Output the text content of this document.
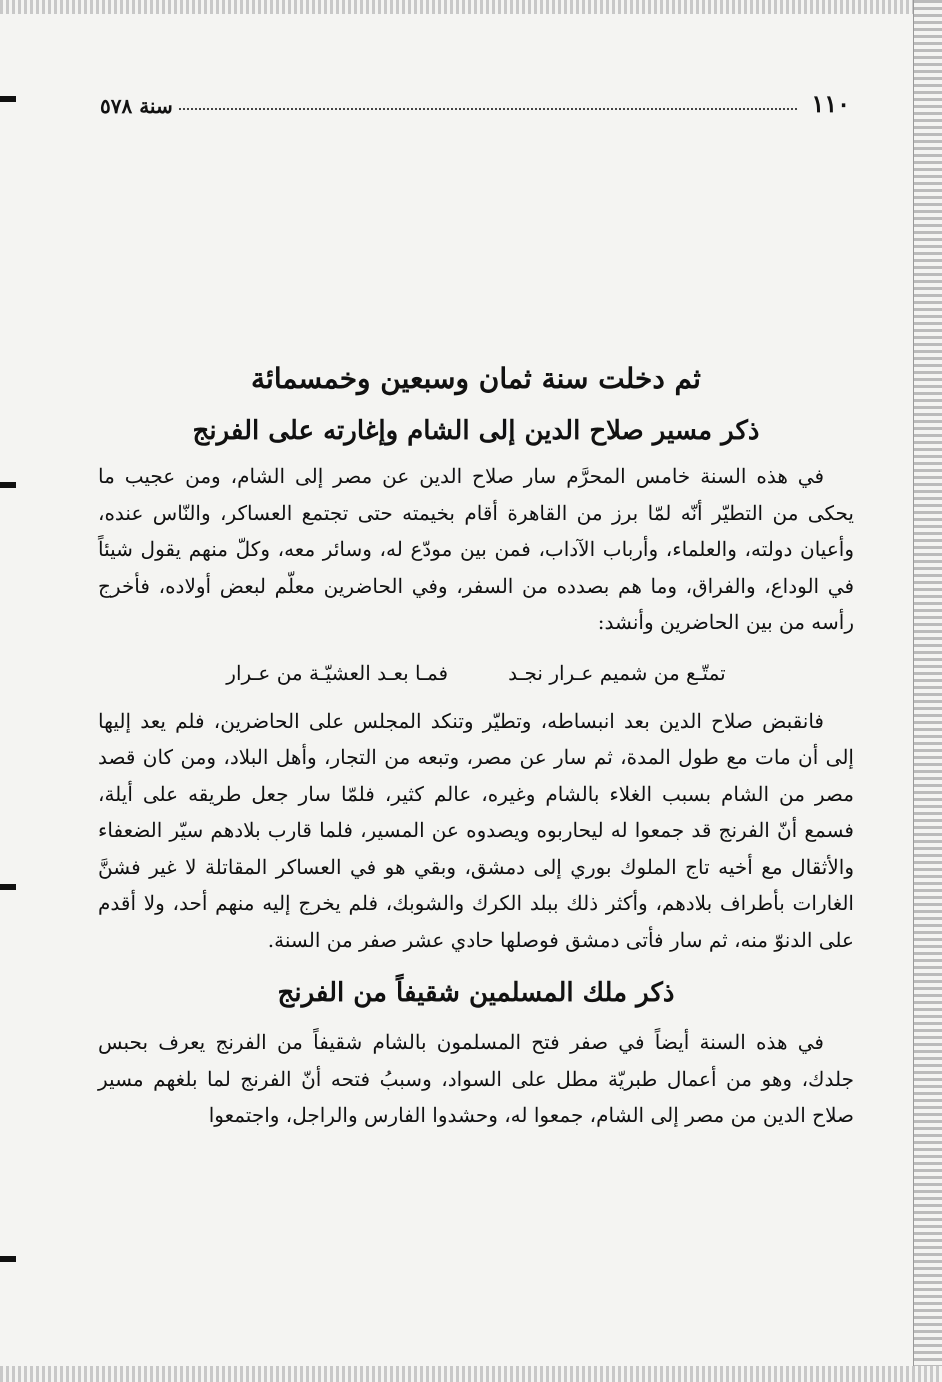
١١٠
سنة ٥٧٨
ثم دخلت سنة ثمان وسبعين وخمسمائة
ذكر مسير صلاح الدين إلى الشام وإغارته على الفرنج

في هذه السنة خامس المحرَّم سار صلاح الدين عن مصر إلى الشام، ومن عجيب ما يحكى من التطيّر أنّه لمّا برز من القاهرة أقام بخيمته حتى تجتمع العساكر، والنّاس عنده، وأعيان دولته، والعلماء، وأرباب الآداب، فمن بين مودّع له، وسائر معه، وكلّ منهم يقول شيئاً في الوداع، والفراق، وما هم بصدده من السفر، وفي الحاضرين معلّم لبعض أولاده، فأخرج رأسه من بين الحاضرين وأنشد:

تمتّـع من شميم عـرار نجـد
فمـا بعـد العشيّـة من عـرار

فانقبض صلاح الدين بعد انبساطه، وتطيّر وتنكد المجلس على الحاضرين، فلم يعد إليها إلى أن مات مع طول المدة، ثم سار عن مصر، وتبعه من التجار، وأهل البلاد، ومن كان قصد مصر من الشام بسبب الغلاء بالشام وغيره، عالم كثير، فلمّا سار جعل طريقه على أيلة، فسمع أنّ الفرنج قد جمعوا له ليحاربوه ويصدوه عن المسير، فلما قارب بلادهم سيّر الضعفاء والأثقال مع أخيه تاج الملوك بوري إلى دمشق، وبقي هو في العساكر المقاتلة لا غير فشنَّ الغارات بأطراف بلادهم، وأكثر ذلك ببلد الكرك والشوبك، فلم يخرج إليه منهم أحد، ولا أقدم على الدنوّ منه، ثم سار فأتى دمشق فوصلها حادي عشر صفر من السنة.

ذكر ملك المسلمين شقيفاً من الفرنج

في هذه السنة أيضاً في صفر فتح المسلمون بالشام شقيفاً من الفرنج يعرف بحبس جلدك، وهو من أعمال طبريّة مطل على السواد، وسببُ فتحه أنّ الفرنج لما بلغهم مسير صلاح الدين من مصر إلى الشام، جمعوا له، وحشدوا الفارس والراجل، واجتمعوا
